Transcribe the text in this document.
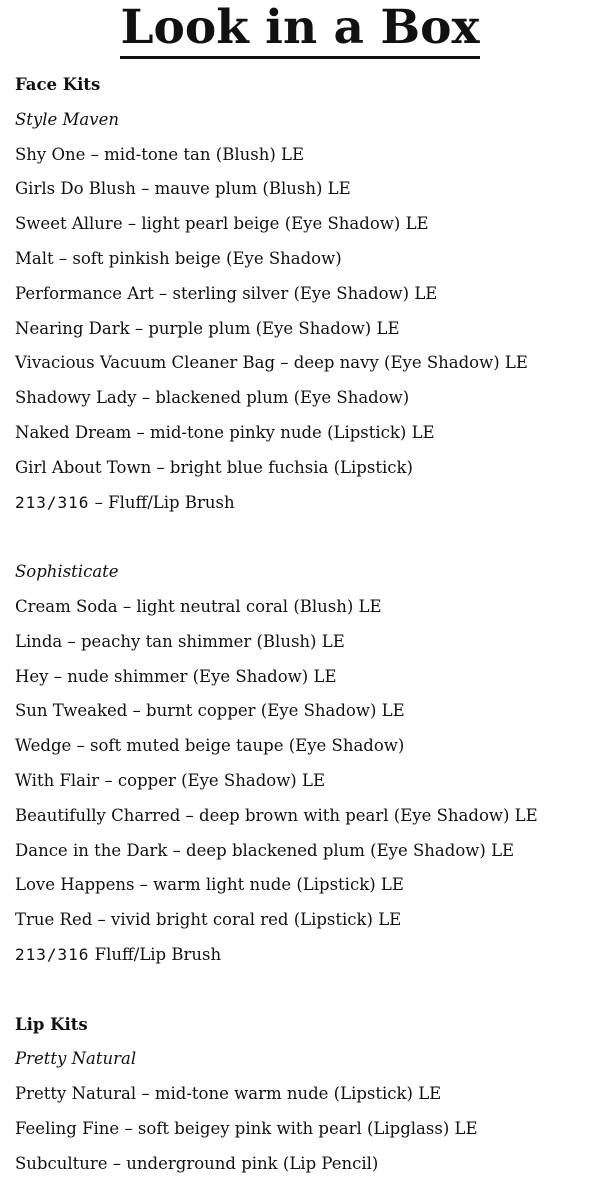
Look in a Box
Face Kits
Style Maven
Shy One – mid-tone tan (Blush) LE
Girls Do Blush – mauve plum (Blush) LE
Sweet Allure – light pearl beige (Eye Shadow) LE
Malt – soft pinkish beige (Eye Shadow)
Performance Art – sterling silver (Eye Shadow) LE
Nearing Dark – purple plum (Eye Shadow) LE
Vivacious Vacuum Cleaner Bag – deep navy (Eye Shadow) LE
Shadowy Lady – blackened plum (Eye Shadow)
Naked Dream – mid-tone pinky nude (Lipstick) LE
Girl About Town – bright blue fuchsia (Lipstick)
213/316 – Fluff/Lip Brush
Sophisticate
Cream Soda – light neutral coral (Blush) LE
Linda – peachy tan shimmer (Blush) LE
Hey – nude shimmer (Eye Shadow) LE
Sun Tweaked – burnt copper (Eye Shadow) LE
Wedge – soft muted beige taupe (Eye Shadow)
With Flair – copper (Eye Shadow) LE
Beautifully Charred – deep brown with pearl (Eye Shadow) LE
Dance in the Dark – deep blackened plum (Eye Shadow) LE
Love Happens – warm light nude (Lipstick) LE
True Red – vivid bright coral red (Lipstick) LE
213/316 Fluff/Lip Brush
Lip Kits
Pretty Natural
Pretty Natural – mid-tone warm nude (Lipstick) LE
Feeling Fine – soft beigey pink with pearl (Lipglass) LE
Subculture – underground pink (Lip Pencil)
